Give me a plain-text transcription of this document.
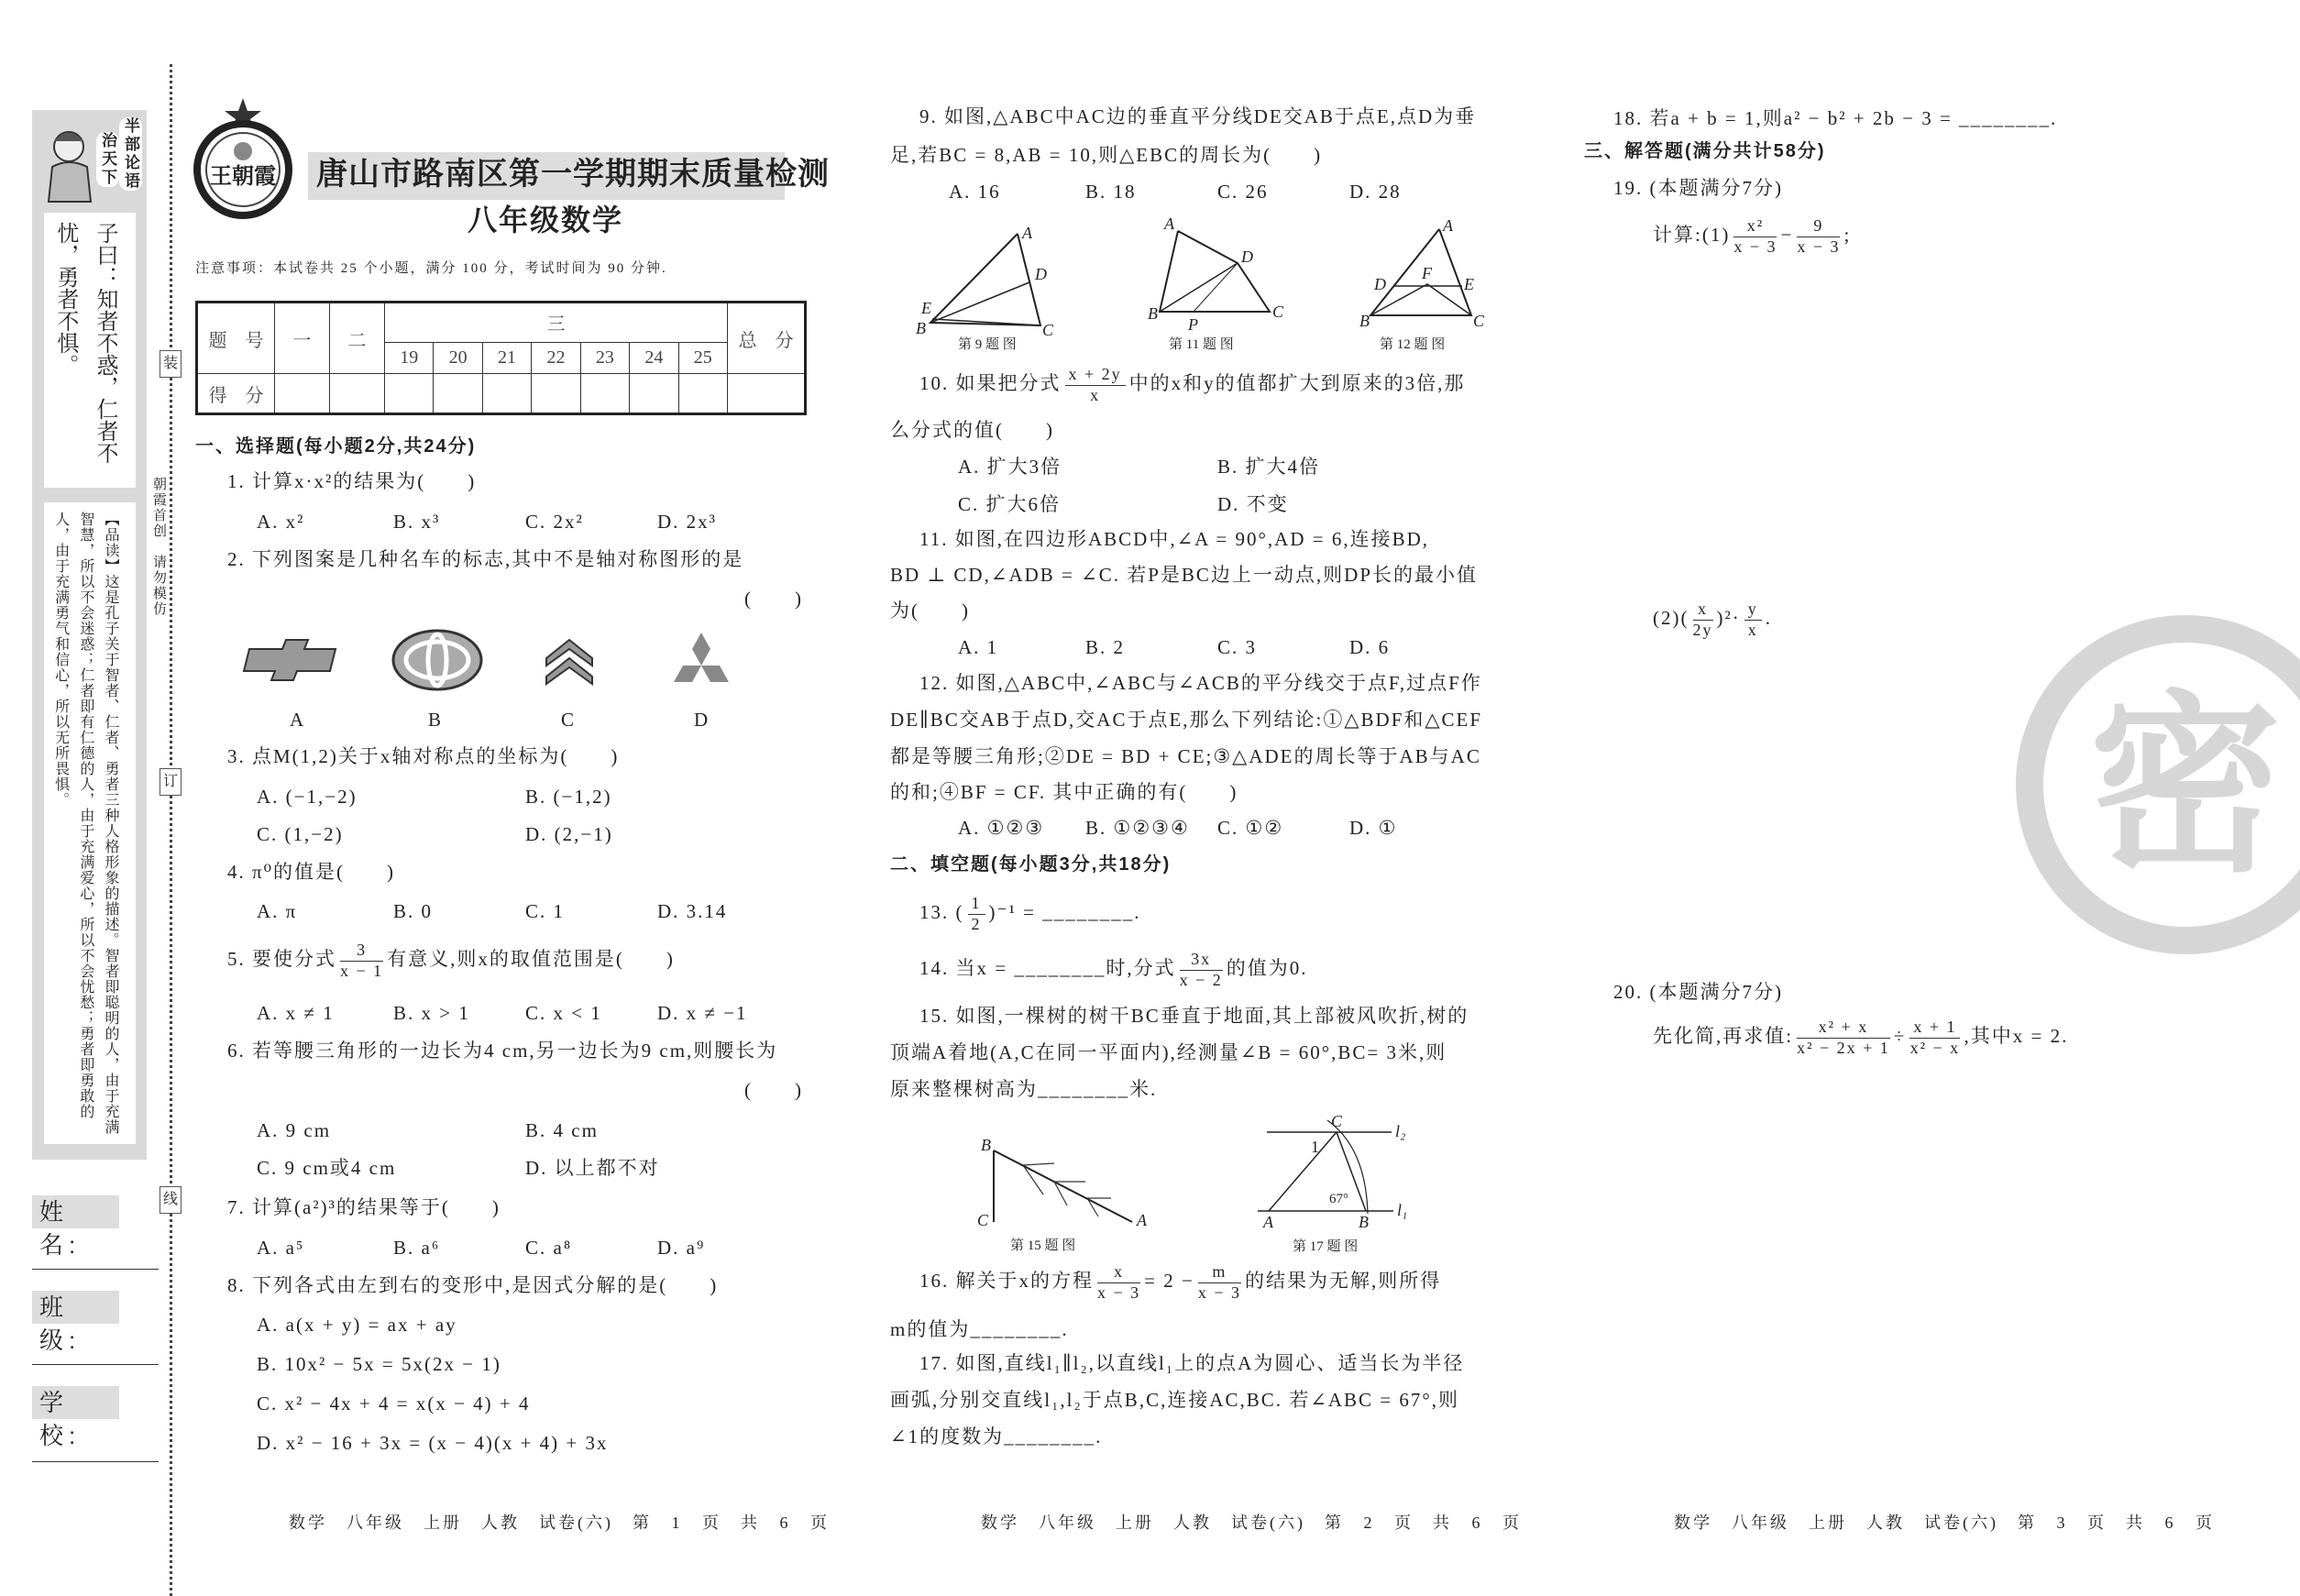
半部论语
治天下
子曰：知者不惑，仁者不忧，勇者不惧。
【品读】这是孔子关于智者、仁者、勇者三种人格形象的描述。智者即聪明的人，由于充满智慧，所以不会迷惑；仁者即有仁德的人，由于充满爱心，所以不会忧愁；勇者即勇敢的人，由于充满勇气和信心，所以无所畏惧。
姓　名:
班　级:
学　校:
装
订
线
朝霞首创　请勿模仿
王朝霞 唐山市路南区第一学期期末质量检测
八年级数学
注意事项：本试卷共 25 个小题，满分 100 分，考试时间为 90 分钟.
题　号	一	二	三							总　分
			19	20	21	22	23	24	25	
得　分										
一、选择题(每小题2分,共24分)
1. 计算x·x²的结果为(　　)
A. x²	B. x³	C. 2x²	D. 2x³
2. 下列图案是几种名车的标志,其中不是轴对称图形的是
(　　)
A	B	C	D
3. 点M(1,2)关于x轴对称点的坐标为(　　)
A. (−1,−2)	B. (−1,2)
C. (1,−2)	D. (2,−1)
4. π⁰的值是(　　)
A. π	B. 0	C. 1	D. 3.14
5. 要使分式 $\frac{3}{x - 1}$ 有意义,则x的取值范围是(　　)
A. x ≠ 1	B. x > 1	C. x < 1	D. x ≠ −1
6. 若等腰三角形的一边长为4 cm,另一边长为9 cm,则腰长为
(　　)
A. 9 cm	B. 4 cm
C. 9 cm或4 cm	D. 以上都不对
7. 计算(a²)³的结果等于(　　)
A. a⁵	B. a⁶	C. a⁸	D. a⁹
8. 下列各式由左到右的变形中,是因式分解的是(　　)
A. a(x + y) = ax + ay
B. 10x² − 5x = 5x(2x − 1)
C. x² − 4x + 4 = x(x − 4) + 4
D. x² − 16 + 3x = (x − 4)(x + 4) + 3x
9. 如图,△ABC中AC边的垂直平分线DE交AB于点E,点D为垂
足,若BC = 8,AB = 10,则△EBC的周长为(　　)
A. 16	B. 18	C. 26	D. 28
A
D
E
B	C
第 9 题 图
A
D
B
P
C
第 11 题 图
A
F
D	E
B	C
第 12 题 图
10. 如果把分式 $\frac{x + 2y}{x}$ 中的x和y的值都扩大到原来的3倍,那
么分式的值(　　)
A. 扩大3倍	B. 扩大4倍
C. 扩大6倍	D. 不变
11. 如图,在四边形ABCD中,∠A = 90°,AD = 6,连接BD,
BD ⊥ CD,∠ADB = ∠C. 若P是BC边上一动点,则DP长的最小值
为(　　)
A. 1	B. 2	C. 3	D. 6
12. 如图,△ABC中,∠ABC与∠ACB的平分线交于点F,过点F作
DE∥BC交AB于点D,交AC于点E,那么下列结论:①△BDF和△CEF
都是等腰三角形;②DE = BD + CE;③△ADE的周长等于AB与AC
的和;④BF = CF. 其中正确的有(　　)
A. ①②③ B. ①②③④ C. ①②	D. ①
二、填空题(每小题3分,共18分)
13. ( $\frac{1}{2} )^{-1}$ = ________.
14. 当x = ________时,分式 $\frac{3x}{x - 2}$ 的值为0.
15. 如图,一棵树的树干BC垂直于地面,其上部被风吹折,树的
顶端A着地(A,C在同一平面内),经测量∠B = 60°,BC= 3米,则
原来整棵树高为________米.
B
C	A
第 15 题 图
C
l₂
1
67°
l₁
A	B
第 17 题 图
16. 解关于x的方程 $\frac{x}{x - 3} = 2 - \frac{m}{x - 3}$ 的结果为无解,则所得
m的值为________.
17. 如图,直线l₁∥l₂,以直线l₁上的点A为圆心、适当长为半径
画弧,分别交直线l₁,l₂于点B,C,连接AC,BC. 若∠ABC = 67°,则
∠1的度数为________.
密
18. 若a + b = 1,则a² − b² + 2b − 3 = ________.
三、解答题(满分共计58分)
19. (本题满分7分)
计算:(1) $\frac{\text{x²}}{x - 3} - \frac{9}{x - 3}$ ;
$(2)( \frac{x}{2y} )^2\cdot \frac{y}{x}$ .
20. (本题满分7分)
先化简,再求值: $\frac{\text{x² + x}}{\text{x² − 2x + 1}} \div \frac{x + 1}{\text{x² − x}}$ ,其中x = 2.
数学　八年级　上册　人教　试卷(六)　第 1 页　共 6 页	数学　八年级　上册　人教　试卷(六)　第 2 页　共 6 页	数学　八年级　上册　人教　试卷(六)　第 3 页　共 6 页
